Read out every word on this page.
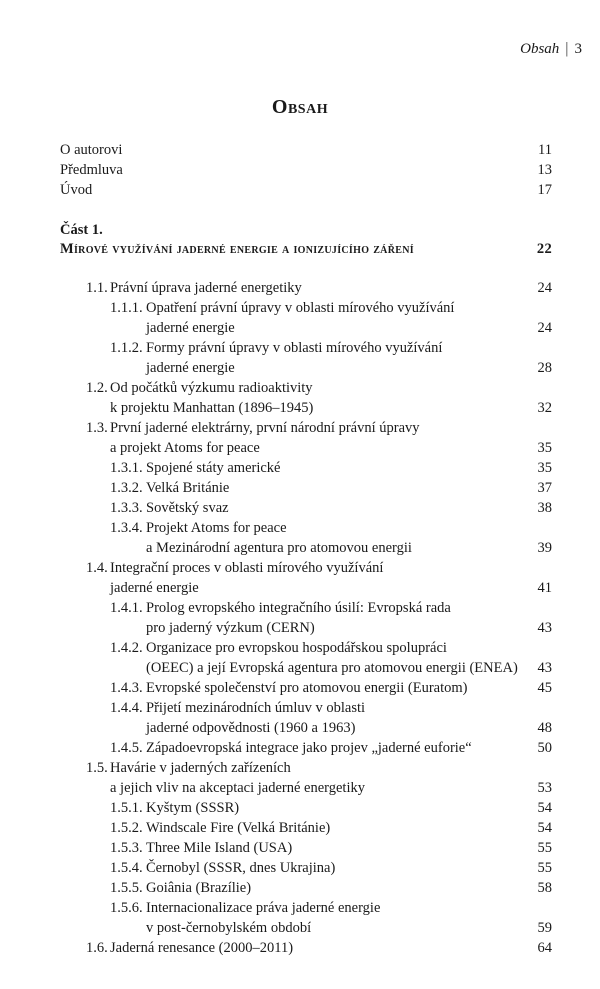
Obsah | 3
Obsah
O autorovi	11
Předmluva	13
Úvod	17
Část 1.
Mírové využívání jaderné energie a ionizujícího záření	22
1.1. Právní úprava jaderné energetiky	24
1.1.1. Opatření právní úpravy v oblasti mírového využívání
jaderné energie	24
1.1.2. Formy právní úpravy v oblasti mírového využívání
jaderné energie	28
1.2. Od počátků výzkumu radioaktivity
k projektu Manhattan (1896–1945)	32
1.3. První jaderné elektrárny, první národní právní úpravy
a projekt Atoms for peace	35
1.3.1. Spojené státy americké	35
1.3.2. Velká Británie	37
1.3.3. Sovětský svaz	38
1.3.4. Projekt Atoms for peace
a Mezinárodní agentura pro atomovou energii	39
1.4. Integrační proces v oblasti mírového využívání
jaderné energie	41
1.4.1. Prolog evropského integračního úsilí: Evropská rada
pro jaderný výzkum (CERN)	43
1.4.2. Organizace pro evropskou hospodářskou spolupráci
(OEEC) a její Evropská agentura pro atomovou energii (ENEA) 43
1.4.3. Evropské společenství pro atomovou energii (Euratom)	45
1.4.4. Přijetí mezinárodních úmluv v oblasti
jaderné odpovědnosti (1960 a 1963)	48
1.4.5. Západoevropská integrace jako projev „jaderné euforie“	50
1.5. Havárie v jaderných zařízeních
a jejich vliv na akceptaci jaderné energetiky	53
1.5.1. Kyštym (SSSR)	54
1.5.2. Windscale Fire (Velká Británie)	54
1.5.3. Three Mile Island (USA)	55
1.5.4. Černobyl (SSSR, dnes Ukrajina)	55
1.5.5. Goiânia (Brazílie)	58
1.5.6. Internacionalizace práva jaderné energie
v post-černobylském období	59
1.6. Jaderná renesance (2000–2011)	64
